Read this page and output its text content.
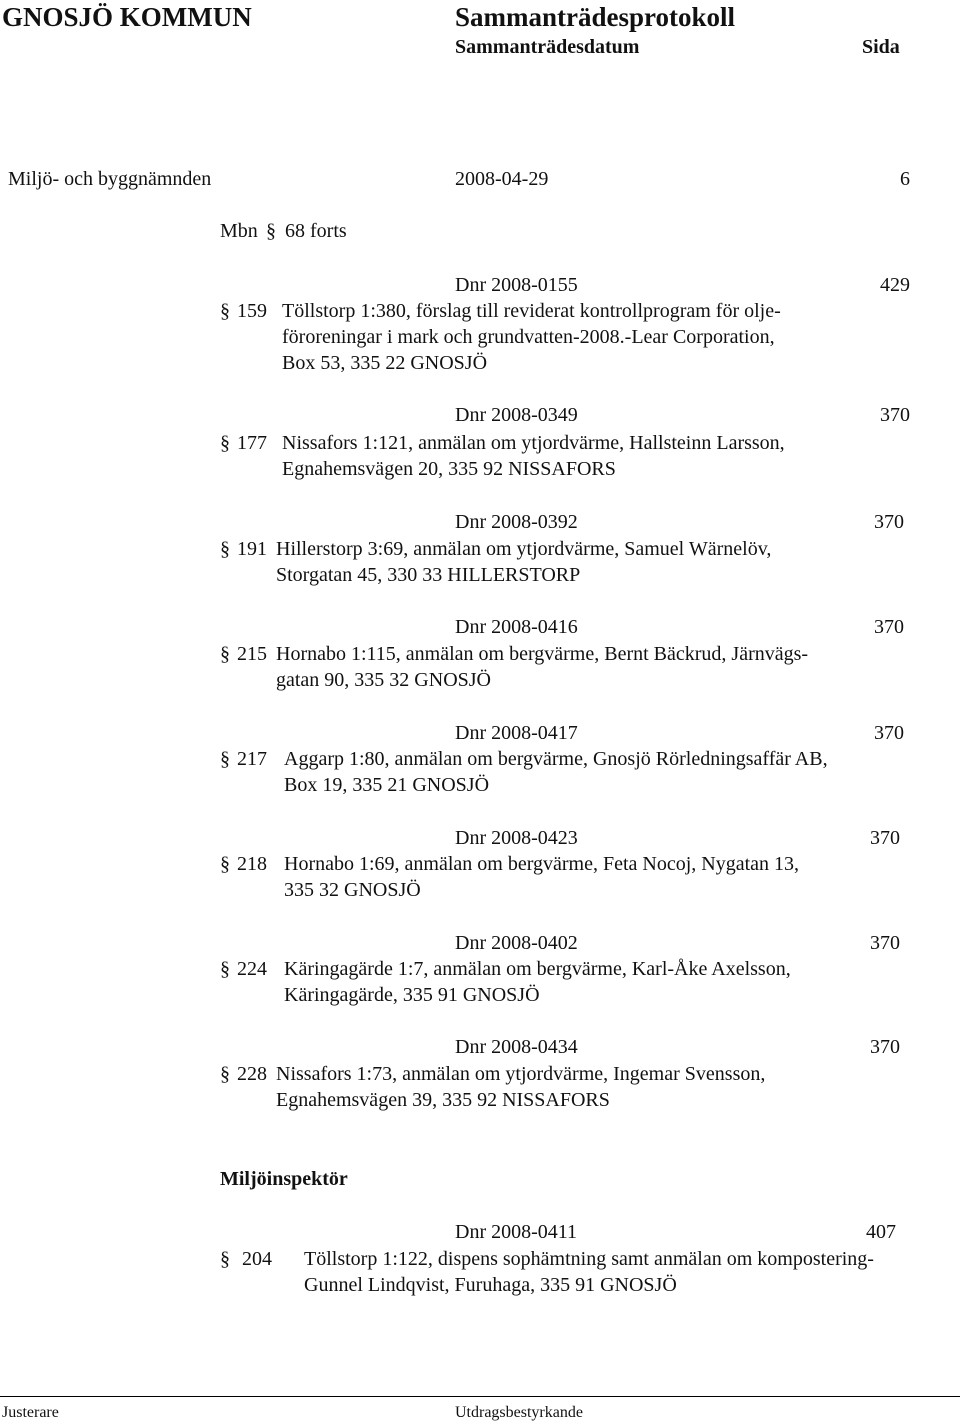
GNOSJÖ KOMMUN	Sammanträdesprotokoll
Sammanträdesdatum	Sida
Miljö- och byggnämnden	2008-04-29	6
Mbn § 68 forts
Dnr 2008-0155	429
§ 159 Töllstorp 1:380, förslag till reviderat kontrollprogram för olje-
föroreningar i mark och grundvatten-2008.-Lear Corporation,
Box 53, 335 22 GNOSJÖ
Dnr 2008-0349	370
§ 177 Nissafors 1:121, anmälan om ytjordvärme, Hallsteinn Larsson,
Egnahemsvägen 20, 335 92 NISSAFORS
Dnr 2008-0392	370
§ 191 Hillerstorp 3:69, anmälan om ytjordvärme, Samuel Wärnelöv,
Storgatan 45, 330 33 HILLERSTORP
Dnr 2008-0416	370
§ 215 Hornabo 1:115, anmälan om bergvärme, Bernt Bäckrud, Järnvägs-
gatan 90, 335 32 GNOSJÖ
Dnr 2008-0417	370
§ 217 Aggarp 1:80, anmälan om bergvärme, Gnosjö Rörledningsaffär AB,
Box 19, 335 21 GNOSJÖ
Dnr 2008-0423	370
§ 218 Hornabo 1:69, anmälan om bergvärme, Feta Nocoj, Nygatan 13,
335 32 GNOSJÖ
Dnr 2008-0402	370
§ 224 Käringagärde 1:7, anmälan om bergvärme, Karl-Åke Axelsson,
Käringagärde, 335 91 GNOSJÖ
Dnr 2008-0434	370
§ 228 Nissafors 1:73, anmälan om ytjordvärme, Ingemar Svensson,
Egnahemsvägen 39, 335 92 NISSAFORS
Miljöinspektör
Dnr 2008-0411	407
§ 204 Töllstorp 1:122, dispens sophämtning samt anmälan om kompostering-
Gunnel Lindqvist, Furuhaga, 335 91 GNOSJÖ
Justerare	Utdragsbestyrkande
